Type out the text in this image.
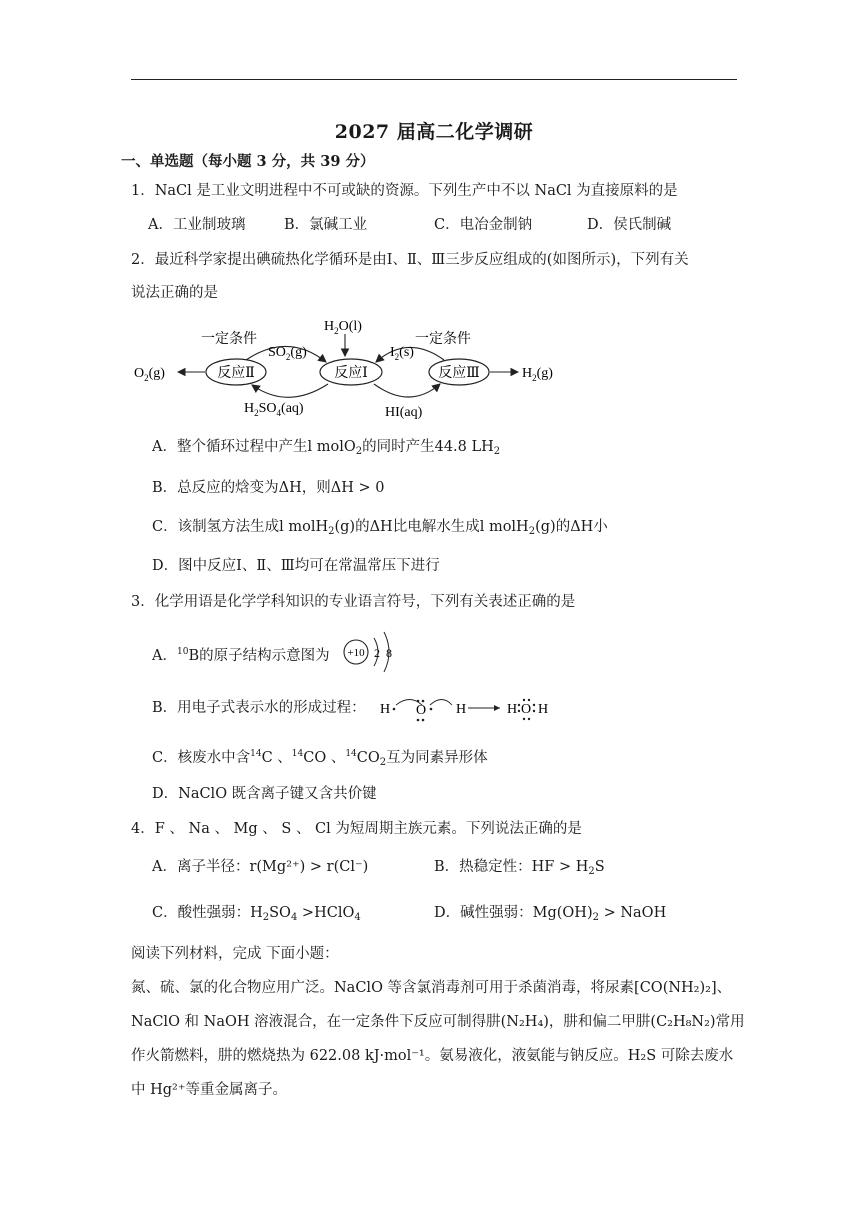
2027 届高二化学调研
一、单选题（每小题 3 分，共 39 分）
1．NaCl 是工业文明进程中不可或缺的资源。下列生产中不以 NaCl 为直接原料的是
A．工业制玻璃	B．氯碱工业	C．电冶金制钠	D．侯氏制碱
2．最近科学家提出碘硫热化学循环是由Ⅰ、Ⅱ、Ⅲ三步反应组成的(如图所示)，下列有关
说法正确的是
反应Ⅱ	反应Ⅰ	反应Ⅲ
$O_2(g)$	$H_2(g)$
$H_2O(l)$
$SO_2(g)$
一定条件
$H_2SO_4(aq)$
$I_2(s)$
一定条件
HI(aq)
A．整个循环过程中产生l molO$_2$的同时产生44.8 $LH_2$
B．总反应的焓变为ΔH，则ΔH > 0
C．该制氢方法生成l molH$_2$(g)的ΔH比电解水生成l molH$_2$(g)的ΔH小
D．图中反应Ⅰ、Ⅱ、Ⅲ均可在常温常压下进行
3．化学用语是化学学科知识的专业语言符号，下列有关表述正确的是
A．$^{10}$B的原子结构示意图为 +10 2 8
B．用电子式表示水的形成过程： H O H	H O H
C．核废水中含$^{14}$C 、$^{14}$CO 、$^{14}CO_2$互为同素异形体
D．NaClO 既含离子键又含共价键
4．F 、 Na 、 Mg 、 S 、 Cl 为短周期主族元素。下列说法正确的是
A．离子半径：r(Mg²⁺) > r(Cl⁻)	B．热稳定性：HF > $H_2S$
C．酸性强弱：$H_2SO_4$ >HClO$_4$	D．碱性强弱：$Mg(OH)_2$ > NaOH
阅读下列材料，完成 下面小题：
氮、硫、氯的化合物应用广泛。NaClO 等含氯消毒剂可用于杀菌消毒，将尿素[CO(NH₂)₂]、
NaClO 和 NaOH 溶液混合，在一定条件下反应可制得肼(N₂H₄)，肼和偏二甲肼(C₂H₈N₂)常用
作火箭燃料，肼的燃烧热为 622.08 kJ·mol⁻¹。氨易液化，液氨能与钠反应。H₂S 可除去废水
中 Hg²⁺等重金属离子。
